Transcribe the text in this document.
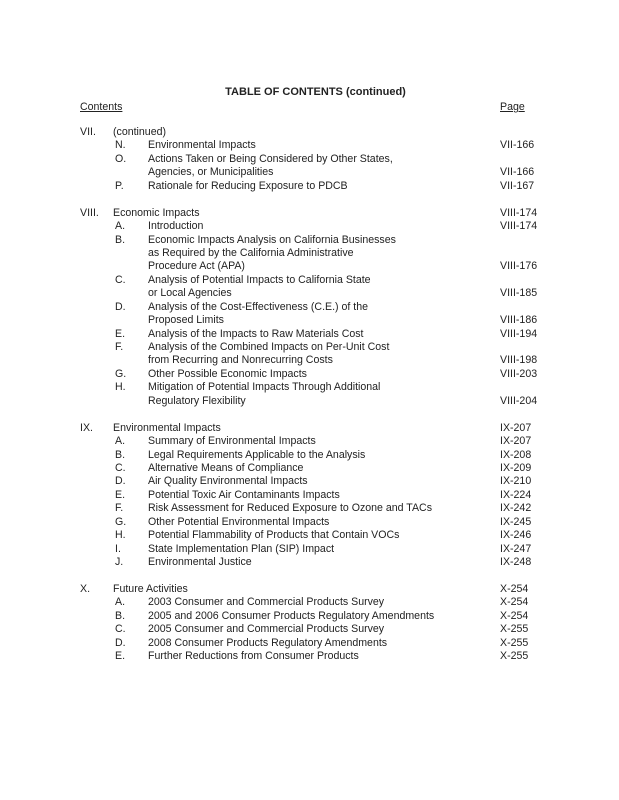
TABLE OF CONTENTS (continued)
Contents	Page
VII. (continued)
N. Environmental Impacts	VII-166
O. Actions Taken or Being Considered by Other States,
Agencies, or Municipalities	VII-166
P. Rationale for Reducing Exposure to PDCB	VII-167
VIII. Economic Impacts	VIII-174
A. Introduction	VIII-174
B. Economic Impacts Analysis on California Businesses
as Required by the California Administrative
Procedure Act (APA)	VIII-176
C. Analysis of Potential Impacts to California State
or Local Agencies	VIII-185
D. Analysis of the Cost-Effectiveness (C.E.) of the
Proposed Limits	VIII-186
E. Analysis of the Impacts to Raw Materials Cost	VIII-194
F. Analysis of the Combined Impacts on Per-Unit Cost
from Recurring and Nonrecurring Costs	VIII-198
G. Other Possible Economic Impacts	VIII-203
H. Mitigation of Potential Impacts Through Additional
Regulatory Flexibility	VIII-204
IX. Environmental Impacts	IX-207
A. Summary of Environmental Impacts	IX-207
B. Legal Requirements Applicable to the Analysis	IX-208
C. Alternative Means of Compliance	IX-209
D. Air Quality Environmental Impacts	IX-210
E. Potential Toxic Air Contaminants Impacts	IX-224
F. Risk Assessment for Reduced Exposure to Ozone and TACs	IX-242
G. Other Potential Environmental Impacts	IX-245
H. Potential Flammability of Products that Contain VOCs	IX-246
I.	State Implementation Plan (SIP) Impact	IX-247
J. Environmental Justice	IX-248
X. Future Activities	X-254
A. 2003 Consumer and Commercial Products Survey	X-254
B. 2005 and 2006 Consumer Products Regulatory Amendments	X-254
C. 2005 Consumer and Commercial Products Survey	X-255
D. 2008 Consumer Products Regulatory Amendments	X-255
E. Further Reductions from Consumer Products	X-255
